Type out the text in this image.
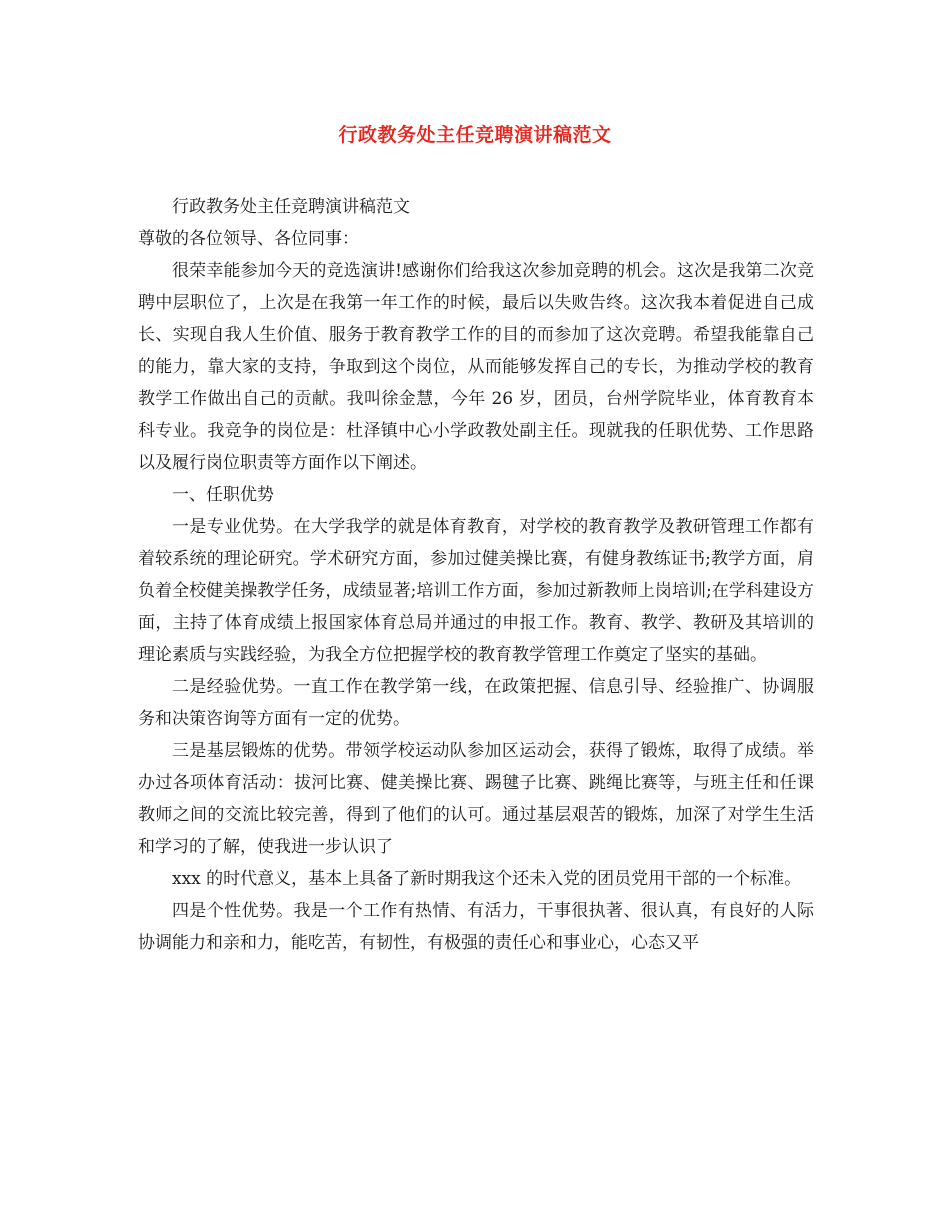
行政教务处主任竞聘演讲稿范文

行政教务处主任竞聘演讲稿范文

尊敬的各位领导、各位同事：

很荣幸能参加今天的竞选演讲!感谢你们给我这次参加竞聘的机会。这次是我第二次竞聘中层职位了，上次是在我第一年工作的时候，最后以失败告终。这次我本着促进自己成长、实现自我人生价值、服务于教育教学工作的目的而参加了这次竞聘。希望我能靠自己的能力，靠大家的支持，争取到这个岗位，从而能够发挥自己的专长，为推动学校的教育教学工作做出自己的贡献。我叫徐金慧，今年 26 岁，团员，台州学院毕业，体育教育本科专业。我竞争的岗位是：杜泽镇中心小学政教处副主任。现就我的任职优势、工作思路以及履行岗位职责等方面作以下阐述。

一、任职优势

一是专业优势。在大学我学的就是体育教育，对学校的教育教学及教研管理工作都有着较系统的理论研究。学术研究方面，参加过健美操比赛，有健身教练证书;教学方面，肩负着全校健美操教学任务，成绩显著;培训工作方面，参加过新教师上岗培训;在学科建设方面，主持了体育成绩上报国家体育总局并通过的申报工作。教育、教学、教研及其培训的理论素质与实践经验，为我全方位把握学校的教育教学管理工作奠定了坚实的基础。

二是经验优势。一直工作在教学第一线，在政策把握、信息引导、经验推广、协调服务和决策咨询等方面有一定的优势。

三是基层锻炼的优势。带领学校运动队参加区运动会，获得了锻炼，取得了成绩。举办过各项体育活动：拔河比赛、健美操比赛、踢毽子比赛、跳绳比赛等，与班主任和任课教师之间的交流比较完善，得到了他们的认可。通过基层艰苦的锻炼，加深了对学生生活和学习的了解，使我进一步认识了

xxx 的时代意义，基本上具备了新时期我这个还未入党的团员党用干部的一个标准。

四是个性优势。我是一个工作有热情、有活力，干事很执著、很认真，有良好的人际协调能力和亲和力，能吃苦，有韧性，有极强的责任心和事业心，心态又平
